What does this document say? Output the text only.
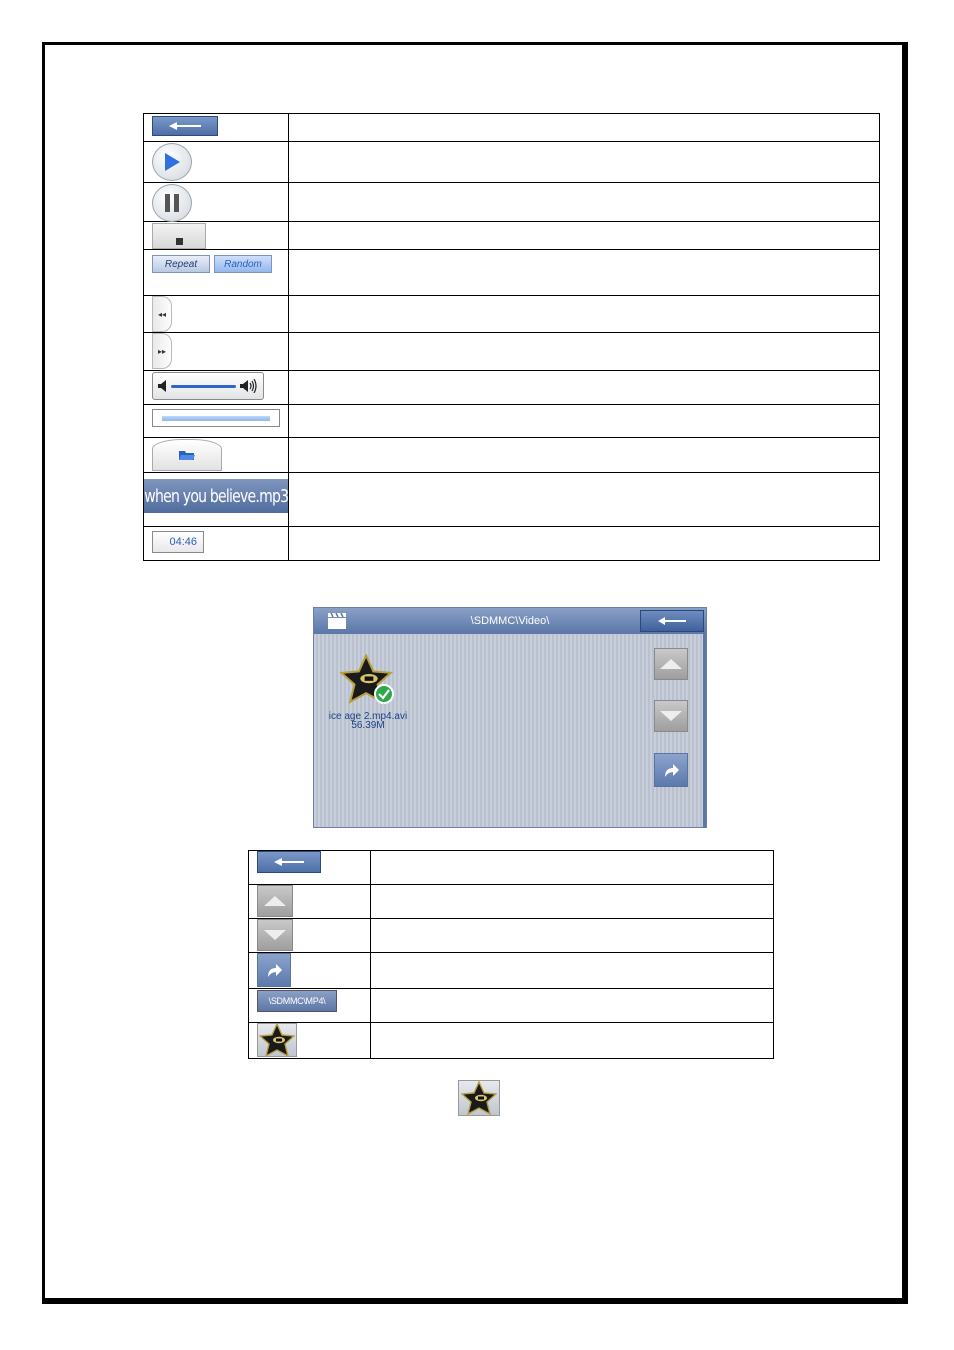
Repeat Random	

◂◂	

▸▸	

when you believe.mp3	

04:46	

\SDMMC\Video\
ice age 2.mp4.avi
56.39M

\SDMMC\MP4\	
